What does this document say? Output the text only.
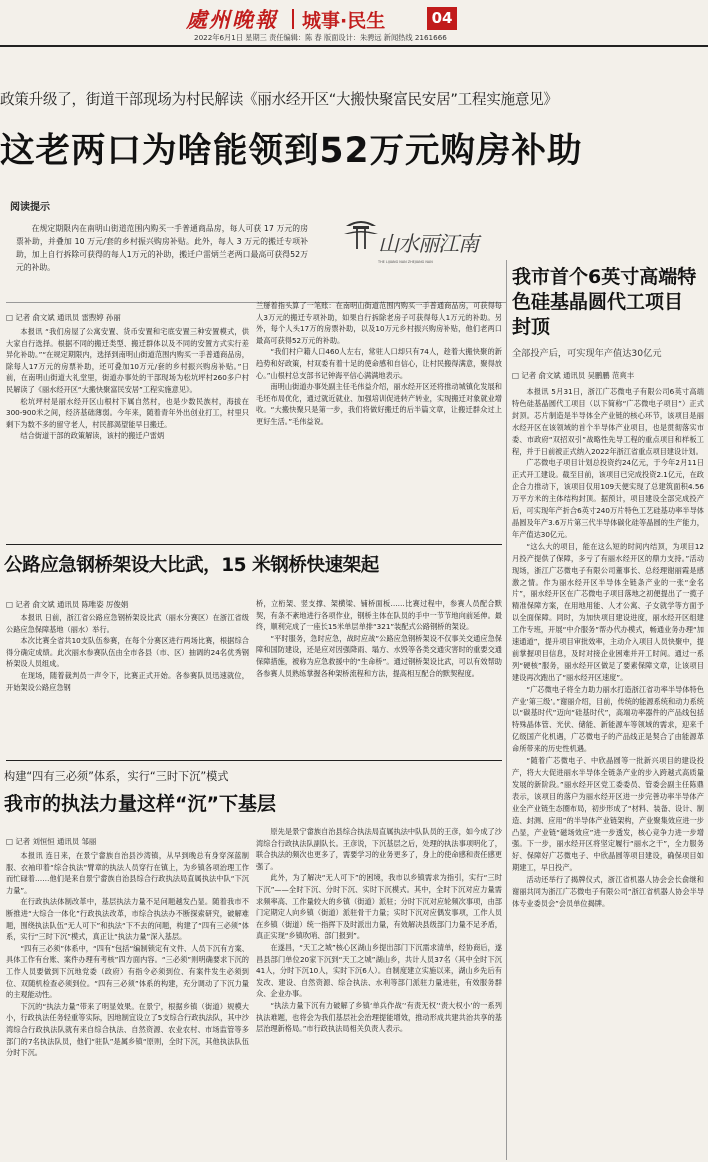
處州晚報 城事·民生	04
2022年6月1日 星期三 责任编辑：陈 春 版面设计：朱骋远 新闻热线 2161666
政策升级了，街道干部现场为村民解读《丽水经开区“大搬快聚富民安居”工程实施意见》
这老两口为啥能领到52万元购房补助
阅读提示

在规定期限内在南明山街道范围内购买一手普通商品房，每人可获 17 万元的房票补助，并叠加 10 万元/套的乡村振兴购房补贴。此外，每人 3 万元的搬迁专项补助，加上自行拆除可获得的每人1万元的补助，搬迁户雷炳兰老两口最高可获得52万元的补助。

山水丽江南
THE LIJIANG NAN ZHEJIANG NAN
□ 记者 俞文斌 通讯员 雷煦婷 孙丽

本报讯 “我们房屋了公寓安置、货币安置和宅底安置三种安置模式，供大家自行选择。根据不同的搬迁类型、搬迁群体以及不同的安置方式实行差异化补助。”“在规定期限内，选择到南明山街道范围内购买一手普通商品房，除每人17万元的房票补助，还可叠加10万元/套的乡村振兴购房补贴。”日前，在南明山街道大礼堂里，街道办事处的干部现场为松坑坪村260多户村民解读了《丽水经开区“大搬快聚富民安居”工程实施意见》。

松坑坪村是丽水经开区山根村下属自然村，也是少数民族村，海拔在300-900米之间，经济基础薄弱。今年来，随着青年外出创业打工，村里只剩下为数不多的留守老人，村民都渴望能早日搬迁。

结合街道干部的政策解读，该村的搬迁户雷炳

兰掰着指头算了一笔账：在南明山街道范围内购买一手普通商品房，可获得每人3万元的搬迁专项补助，如果自行拆除老房子可获得每人1万元的补助。另外，每个人头17万的房票补助，以及10万元乡村振兴购房补贴，他们老两口最高可获得52万元的补助。

“我们村户籍人口460人左右，常驻人口却只有74人，趁着大搬快聚的新趋势和好政策，村双委有着十足的使命感和自信心，让村民搬得满意，聚得放心。”山根村总支部书记钟海平信心满满地表示。

南明山街道办事处副主任毛伟益介绍，丽水经开区还将推动城镇化发展和毛坯布局优化，通过就近就业、加强培训促进转产转业，实现搬迁对象就业增收。“大搬快聚只是第一步，我们将做好搬迁的后半篇文章，让搬迁群众过上更好生活。”毛伟益说。

我市首个6英寸高端特色硅基晶圆代工项目封顶
全部投产后，可实现年产值达30亿元
□ 记者 俞文斌 通讯员 吴鹏鹏 范爽丰

本报讯 5月31日，浙江广芯微电子有限公司6英寸高端特色硅基晶圆代工项目（以下简称“广芯微电子项目”）正式封顶。芯片制造是半导体全产业链的核心环节，该项目是丽水经开区在该领域的首个半导体产业项目，也是贯彻落实市委、市政府“双招双引”战略性先导工程的重点项目和样板工程，并于日前被正式纳入2022年浙江省重点项目建设计划。

广芯微电子项目计划总投资约24亿元，于今年2月11日正式开工建设。截至目前，该项目已完成投资2.1亿元，在政企合力推动下，该项目仅用109天便实现了总建筑面积4.56万平方米的主体结构封顶。据预计，项目建设全部完成投产后，可实现年产折合6英寸240万片特色工艺硅基功率半导体晶圆及年产3.6万片第三代半导体碳化硅等晶圆的生产能力，年产值达30亿元。

“这么大的项目，能在这么短的时间内结顶，为项目12月投产提供了保障，多亏了有丽水经开区的鼎力支持。”活动现场，浙江广芯微电子有限公司董事长、总经理谢丽霞是感激之情。作为丽水经开区半导体全链条产业的一张“金名片”，丽水经开区在广芯微电子项目落地之初便提出了一揽子精准保障方案，在用地用能、人才公寓、子女就学等方面予以全面保障。同时，为加快项目建设进度，丽水经开区组建工作专班，开展“中介服务”帮办代办模式，畅通业务办理“加速通道”，提升项目审批效率，主动介入项目人员快聚中，提前掌握项目信息，及时对接企业困难并开工时间。通过一系列“硬核”服务，丽水经开区做足了要素保障文章，让该项目建设再次跑出了“丽水经开区速度”。

“广芯微电子将全力助力丽水打造浙江省功率半导体特色产业‘第三级’。”谢丽介绍，目前，传统的能源系统和动力系统以“碳基时代”迈向“硅基时代”，高端功率器件的产品线包括特殊晶体管、光伏、储能、新能源车等领域的需求，迎来千亿级国产化机遇，广芯微电子的产品线正是契合了由能源革命所带来的历史性机遇。

“随着广芯微电子、中欣晶圆等一批新兴项目的建设投产，将大大促进丽水半导体全链条产业的步入跨越式高质量发展的新阶段。”丽水经开区党工委委员、管委会副主任陈鼎表示，该项目的落户为丽水经开区进一步完善功率半导体产业全产业链生态圈布局，初步形成了“材料、装备、设计、制造、封测、应用”的半导体产业链架构，产业聚集效应进一步凸显，产业链“磁场效应”进一步透发，核心竞争力进一步增强。下一步，丽水经开区将坚定履行“丽水之干”，全力服务好、保障好广芯微电子、中欣晶圆等项目建设，确保项目如期建工，早日投产。

活动还举行了揭牌仪式，浙江省机器人协会会长俞继和谢丽共同为浙江广芯微电子有限公司“浙江省机器人协会半导体专业委员会”会员单位揭牌。

公路应急钢桥架设大比武，15 米钢桥快速架起
□ 记者 俞文斌 通讯员 陈唯姿 厉俊娟

本报讯 日前，浙江省公路应急钢桥架设比武（丽水分赛区）在浙江省级公路应急保障基地（丽水）举行。

本次比赛全省共10支队伍参赛，在每个分赛区进行两场比赛，根据综合得分确定成绩。此次丽水参赛队伍由全市各县（市、区）抽调的24名优秀钢桥架设人员组成。

在现场，随着裁判员一声令下，比赛正式开始。各参赛队员迅速就位，开始架设公路应急钢

桥，立桁架、竖支撑、架横梁、铺桥面板……比赛过程中，参赛人员配合默契，有条不紊地进行各项作业，钢桥主体在队员的手中一节节地向前延伸。最终，顺利完成了一座长15米单层单排“321”装配式公路钢桥的架设。

“平时服务，急时应急，战时应战”公路应急钢桥架设不仅事关交通应急保障和国防建设，还是应对因强降雨、塌方、水毁等各类交通灾害时的重要交通保障措施，被称为应急救援中的“生命桥”。通过钢桥架设比武，可以有效帮助各参赛人员熟练掌握各种架桥流程和方法，提高相互配合的默契程度。

构建“四有三必须”体系，实行“三时下沉”模式
我市的执法力量这样“沉”下基层
□ 记者 刘恒恒 通讯员 邹丽

本报讯 连日来，在景宁畲族自治县沙湾镇，从早到晚总有身穿深蓝制服、衣袖印着“综合执法”臂章的执法人员穿行在镇上，为乡镇各项治理工作而忙碌着……他们是来自景宁畲族自治县综合行政执法局直属执法中队“下沉力量”。

在行政执法体制改革中，基层执法力量不足问题越发凸显。随着我市不断推进“大综合一体化”行政执法改革，市综合执法办不断探索研究，破解难题，围绕执法队伍“无人可下”和执法“下不去的问题，构建了“四有三必须”体系，实行“三时下沉”模式，真正让“执法力量”深入基层。

“四有三必须”体系中，“四有”包括“编制锁定有文件、人员下沉有方案、具体工作有台账、案件办理有考核”四方面内容。“三必须”则明确要求下沉的工作人员要做到下沉地党委（政府）有指令必须到位、有案件发生必须到位、双随机检查必须到位。“四有三必须”体系的构建，充分调动了下沉力量的主观能动性。

下沉的“执法力量”带来了明显效果。在景宁，根据乡镇（街道）规模大小，行政执法任务轻重等实际，因地制宜设立了5支综合行政执法队，其中沙湾综合行政执法队就有来自综合执法、自然资源、农业农村、市场监管等多部门的7名执法队员，他们“驻队”是属乡镇“原则，全时下沉，其他执法队伍分时下沉。

原先是景宁畲族自治县综合执法局直属执法中队队员的王彦，如今成了沙湾综合行政执法队副队长。王彦说，下沉基层之后，处理的执法事项明化了，联合执法的频次也更多了，需要学习的业务更多了，身上的使命感和责任感更强了。

此外，为了解决“无人可下”的困境，我市以乡镇需求为指引，实行“三时下沉”——全时下沉、分时下沉、实时下沉模式。其中，全时下沉对应力量需求频率高、工作量较大的乡镇（街道）派驻；分时下沉对应轮频次事项，由部门定期定人向乡镇（街道）派驻骨干力量；实时下沉对应偶发事项，工作人员在乡镇（街道）统一指挥下及时派出力量，有效解决县级部门力量不足矛盾，真正实现“乡镇吹哨、部门报到”。

在遂昌，“天工之城”核心区湖山乡提出部门下沉需求清单，经协商后，遂昌县部门单位20家下沉到“天工之城”湖山乡，共计人员37名（其中全时下沉41人，分时下沉10人，实时下沉6人）。自制度建立实施以来，湖山乡先后有发改、建设、自然资源、综合执法、水利等部门派驻力量进驻，有效服务群众、企业办事。

“执法力量下沉有力破解了乡镇‘单兵作战’‘有责无权’‘责大权小’的一系列执法难题，也将会为我们基层社会治理提能增效，推动形成共建共治共享的基层治理新格局。”市行政执法局相关负责人表示。
